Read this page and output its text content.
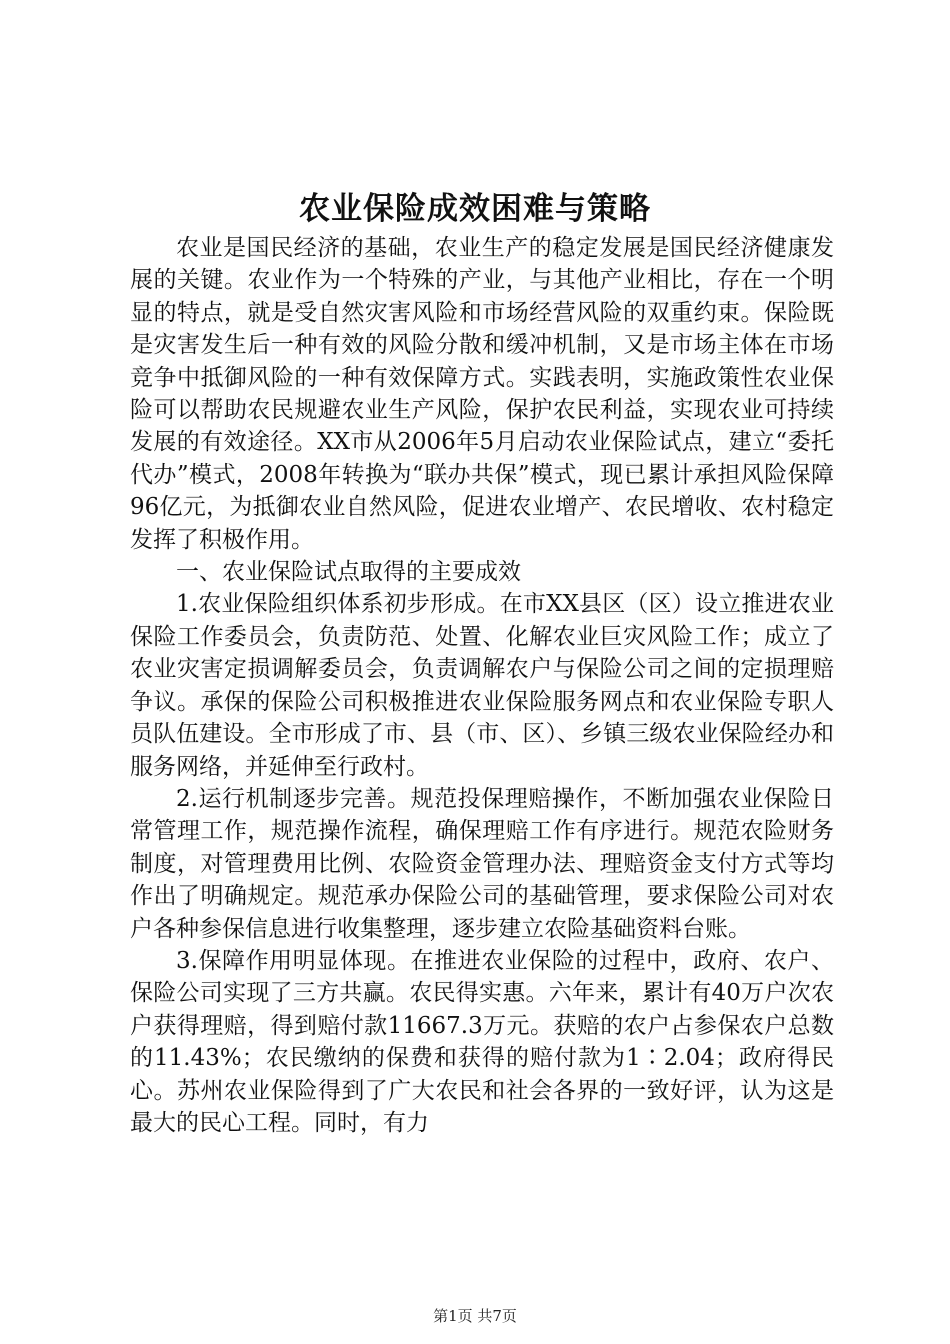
农业保险成效困难与策略

农业是国民经济的基础，农业生产的稳定发展是国民经济健康发展的关键。农业作为一个特殊的产业，与其他产业相比，存在一个明显的特点，就是受自然灾害风险和市场经营风险的双重约束。保险既是灾害发生后一种有效的风险分散和缓冲机制，又是市场主体在市场竞争中抵御风险的一种有效保障方式。实践表明，实施政策性农业保险可以帮助农民规避农业生产风险，保护农民利益，实现农业可持续发展的有效途径。XX市从2006年5月启动农业保险试点，建立“委托代办”模式，2008年转换为“联办共保”模式，现已累计承担风险保障96亿元，为抵御农业自然风险，促进农业增产、农民增收、农村稳定发挥了积极作用。

一、农业保险试点取得的主要成效

1.农业保险组织体系初步形成。在市XX县区（区）设立推进农业保险工作委员会，负责防范、处置、化解农业巨灾风险工作；成立了农业灾害定损调解委员会，负责调解农户与保险公司之间的定损理赔争议。承保的保险公司积极推进农业保险服务网点和农业保险专职人员队伍建设。全市形成了市、县（市、区）、乡镇三级农业保险经办和服务网络，并延伸至行政村。

2.运行机制逐步完善。规范投保理赔操作，不断加强农业保险日常管理工作，规范操作流程，确保理赔工作有序进行。规范农险财务制度，对管理费用比例、农险资金管理办法、理赔资金支付方式等均作出了明确规定。规范承办保险公司的基础管理，要求保险公司对农户各种参保信息进行收集整理，逐步建立农险基础资料台账。

3.保障作用明显体现。在推进农业保险的过程中，政府、农户、保险公司实现了三方共赢。农民得实惠。六年来，累计有40万户次农户获得理赔，得到赔付款11667.3万元。获赔的农户占参保农户总数的11.43%；农民缴纳的保费和获得的赔付款为1∶2.04；政府得民心。苏州农业保险得到了广大农民和社会各界的一致好评，认为这是最大的民心工程。同时，有力

第1页 共7页
